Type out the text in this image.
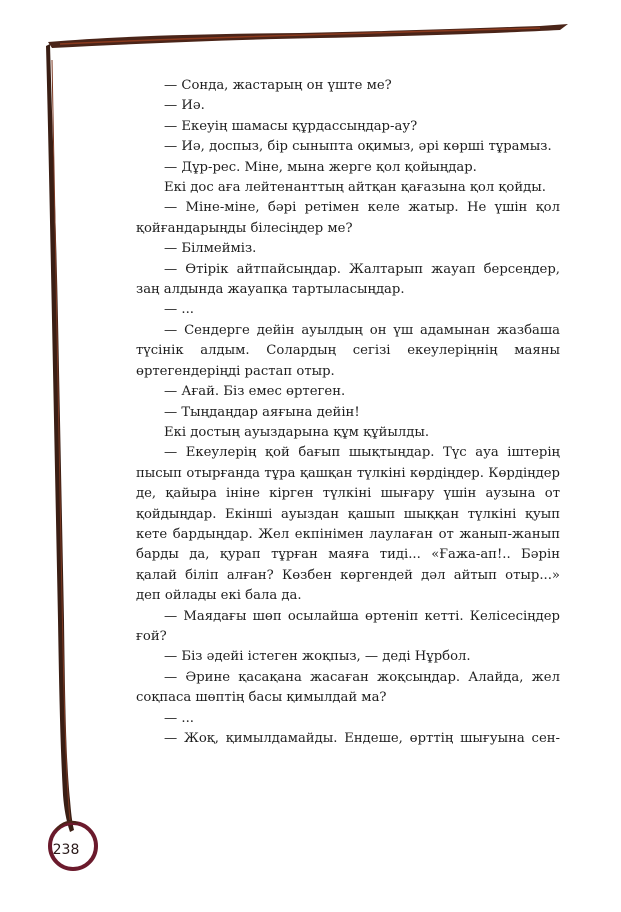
238

— Сонда, жастарың он үште ме?

— Иә.

— Екеуің шамасы құрдассыңдар-ау?

— Иә, доспыз, бір сыныпта оқимыз, әрі көрші тұрамыз.

— Дұр-рес. Міне, мына жерге қол қойыңдар.

Екі дос аға лейтенанттың айтқан қағазына қол қойды.

— Міне-міне, бәрі ретімен келе жатыр. Не үшін қол қойғандарыңды білесіңдер ме?

— Білмейміз.

— Өтірік айтпайсыңдар. Жалтарып жауап берсеңдер, заң алдында жауапқа тартыласыңдар.

— ...

— Сендерге дейін ауылдың он үш адамынан жазбаша түсінік алдым. Солардың сегізі екеулеріңнің маяны өртегендеріңді растап отыр.

— Ағай. Біз емес өртеген.

— Тыңдаңдар аяғына дейін!

Екі достың ауыздарына құм құйылды.

— Екеулерің қой бағып шықтыңдар. Түс ауа іштерің пысып отырғанда тұра қашқан түлкіні көрдіңдер. Көрдіңдер де, қайыра ініне кірген түлкіні шығару үшін аузына от қойдыңдар. Екінші ауыздан қашып шыққан түлкіні қуып кете бардыңдар. Жел екпінімен лаулаған от жанып-жанып барды да, қурап тұрған маяға тиді... «Ғажа-ап!.. Бәрін қалай біліп алған? Көзбен көргендей дәл айтып отыр...» деп ойлады екі бала да.

— Маядағы шөп осылайша өртеніп кетті. Келісесіңдер ғой?

— Біз әдейі істеген жоқпыз, — деді Нұрбол.

— Әрине қасақана жасаған жоқсыңдар. Алайда, жел соқпаса шөптің басы қимылдай ма?

— ...

— Жоқ, қимылдамайды. Ендеше, өрттің шығуына сен-
